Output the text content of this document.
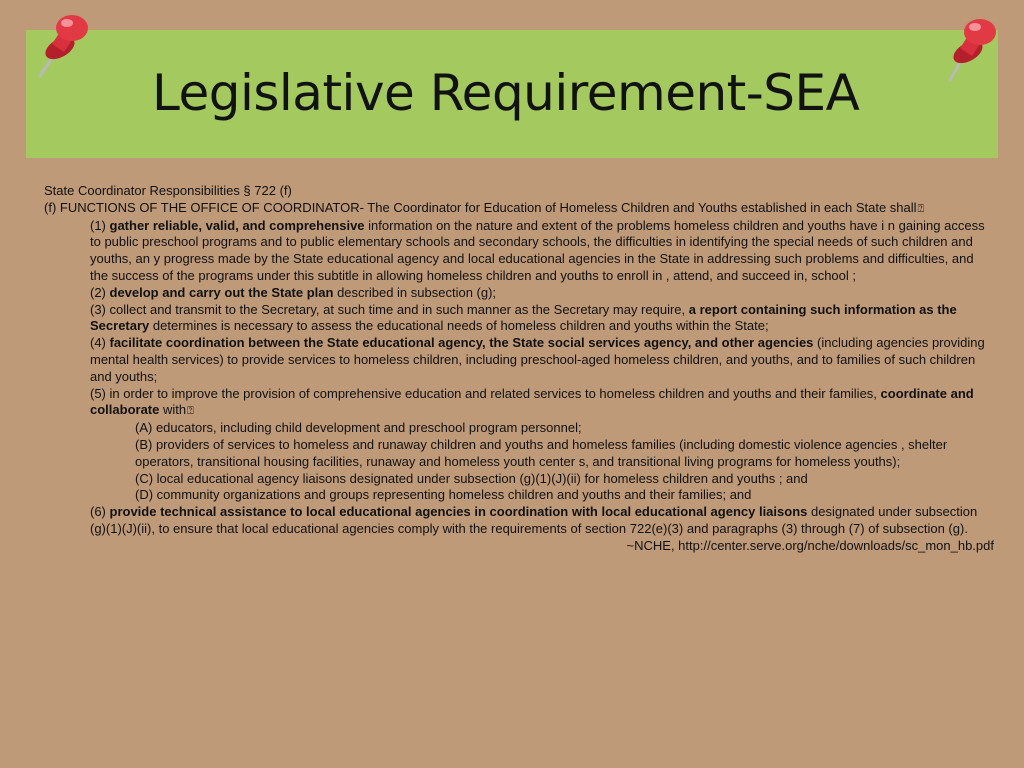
Legislative Requirement-SEA

State Coordinator Responsibilities § 722 (f)

(f) FUNCTIONS OF THE OFFICE OF COORDINATOR- The Coordinator for Education of Homeless Children and Youths established in each State shall⍰

(1) gather reliable, valid, and comprehensive information on the nature and extent of the problems homeless children and youths have i n gaining access to public preschool programs and to public elementary schools and secondary schools, the difficulties in identifying the special needs of such children and youths, an y progress made by the State educational agency and local educational agencies in the State in addressing such problems and difficulties, and the success of the programs under this subtitle in allowing homeless children and youths to enroll in , attend, and succeed in, school ;

(2) develop and carry out the State plan described in subsection (g);

(3) collect and transmit to the Secretary, at such time and in such manner as the Secretary may require, a report containing such information as the Secretary determines is necessary to assess the educational needs of homeless children and youths within the State;

(4) facilitate coordination between the State educational agency, the State social services agency, and other agencies (including agencies providing mental health services) to provide services to homeless children, including preschool-aged homeless children, and youths, and to families of such children and youths;

(5) in order to improve the provision of comprehensive education and related services to homeless children and youths and their families, coordinate and collaborate with⍰

(A) educators, including child development and preschool program personnel;

(B) providers of services to homeless and runaway children and youths and homeless families (including domestic violence agencies , shelter operators, transitional housing facilities, runaway and homeless youth center s, and transitional living programs for homeless youths);

(C) local educational agency liaisons designated under subsection (g)(1)(J)(ii) for homeless children and youths ; and

(D) community organizations and groups representing homeless children and youths and their families; and

(6) provide technical assistance to local educational agencies in coordination with local educational agency liaisons designated under subsection (g)(1)(J)(ii), to ensure that local educational agencies comply with the requirements of section 722(e)(3) and paragraphs (3) through (7) of subsection (g).

~NCHE, http://center.serve.org/nche/downloads/sc_mon_hb.pdf
